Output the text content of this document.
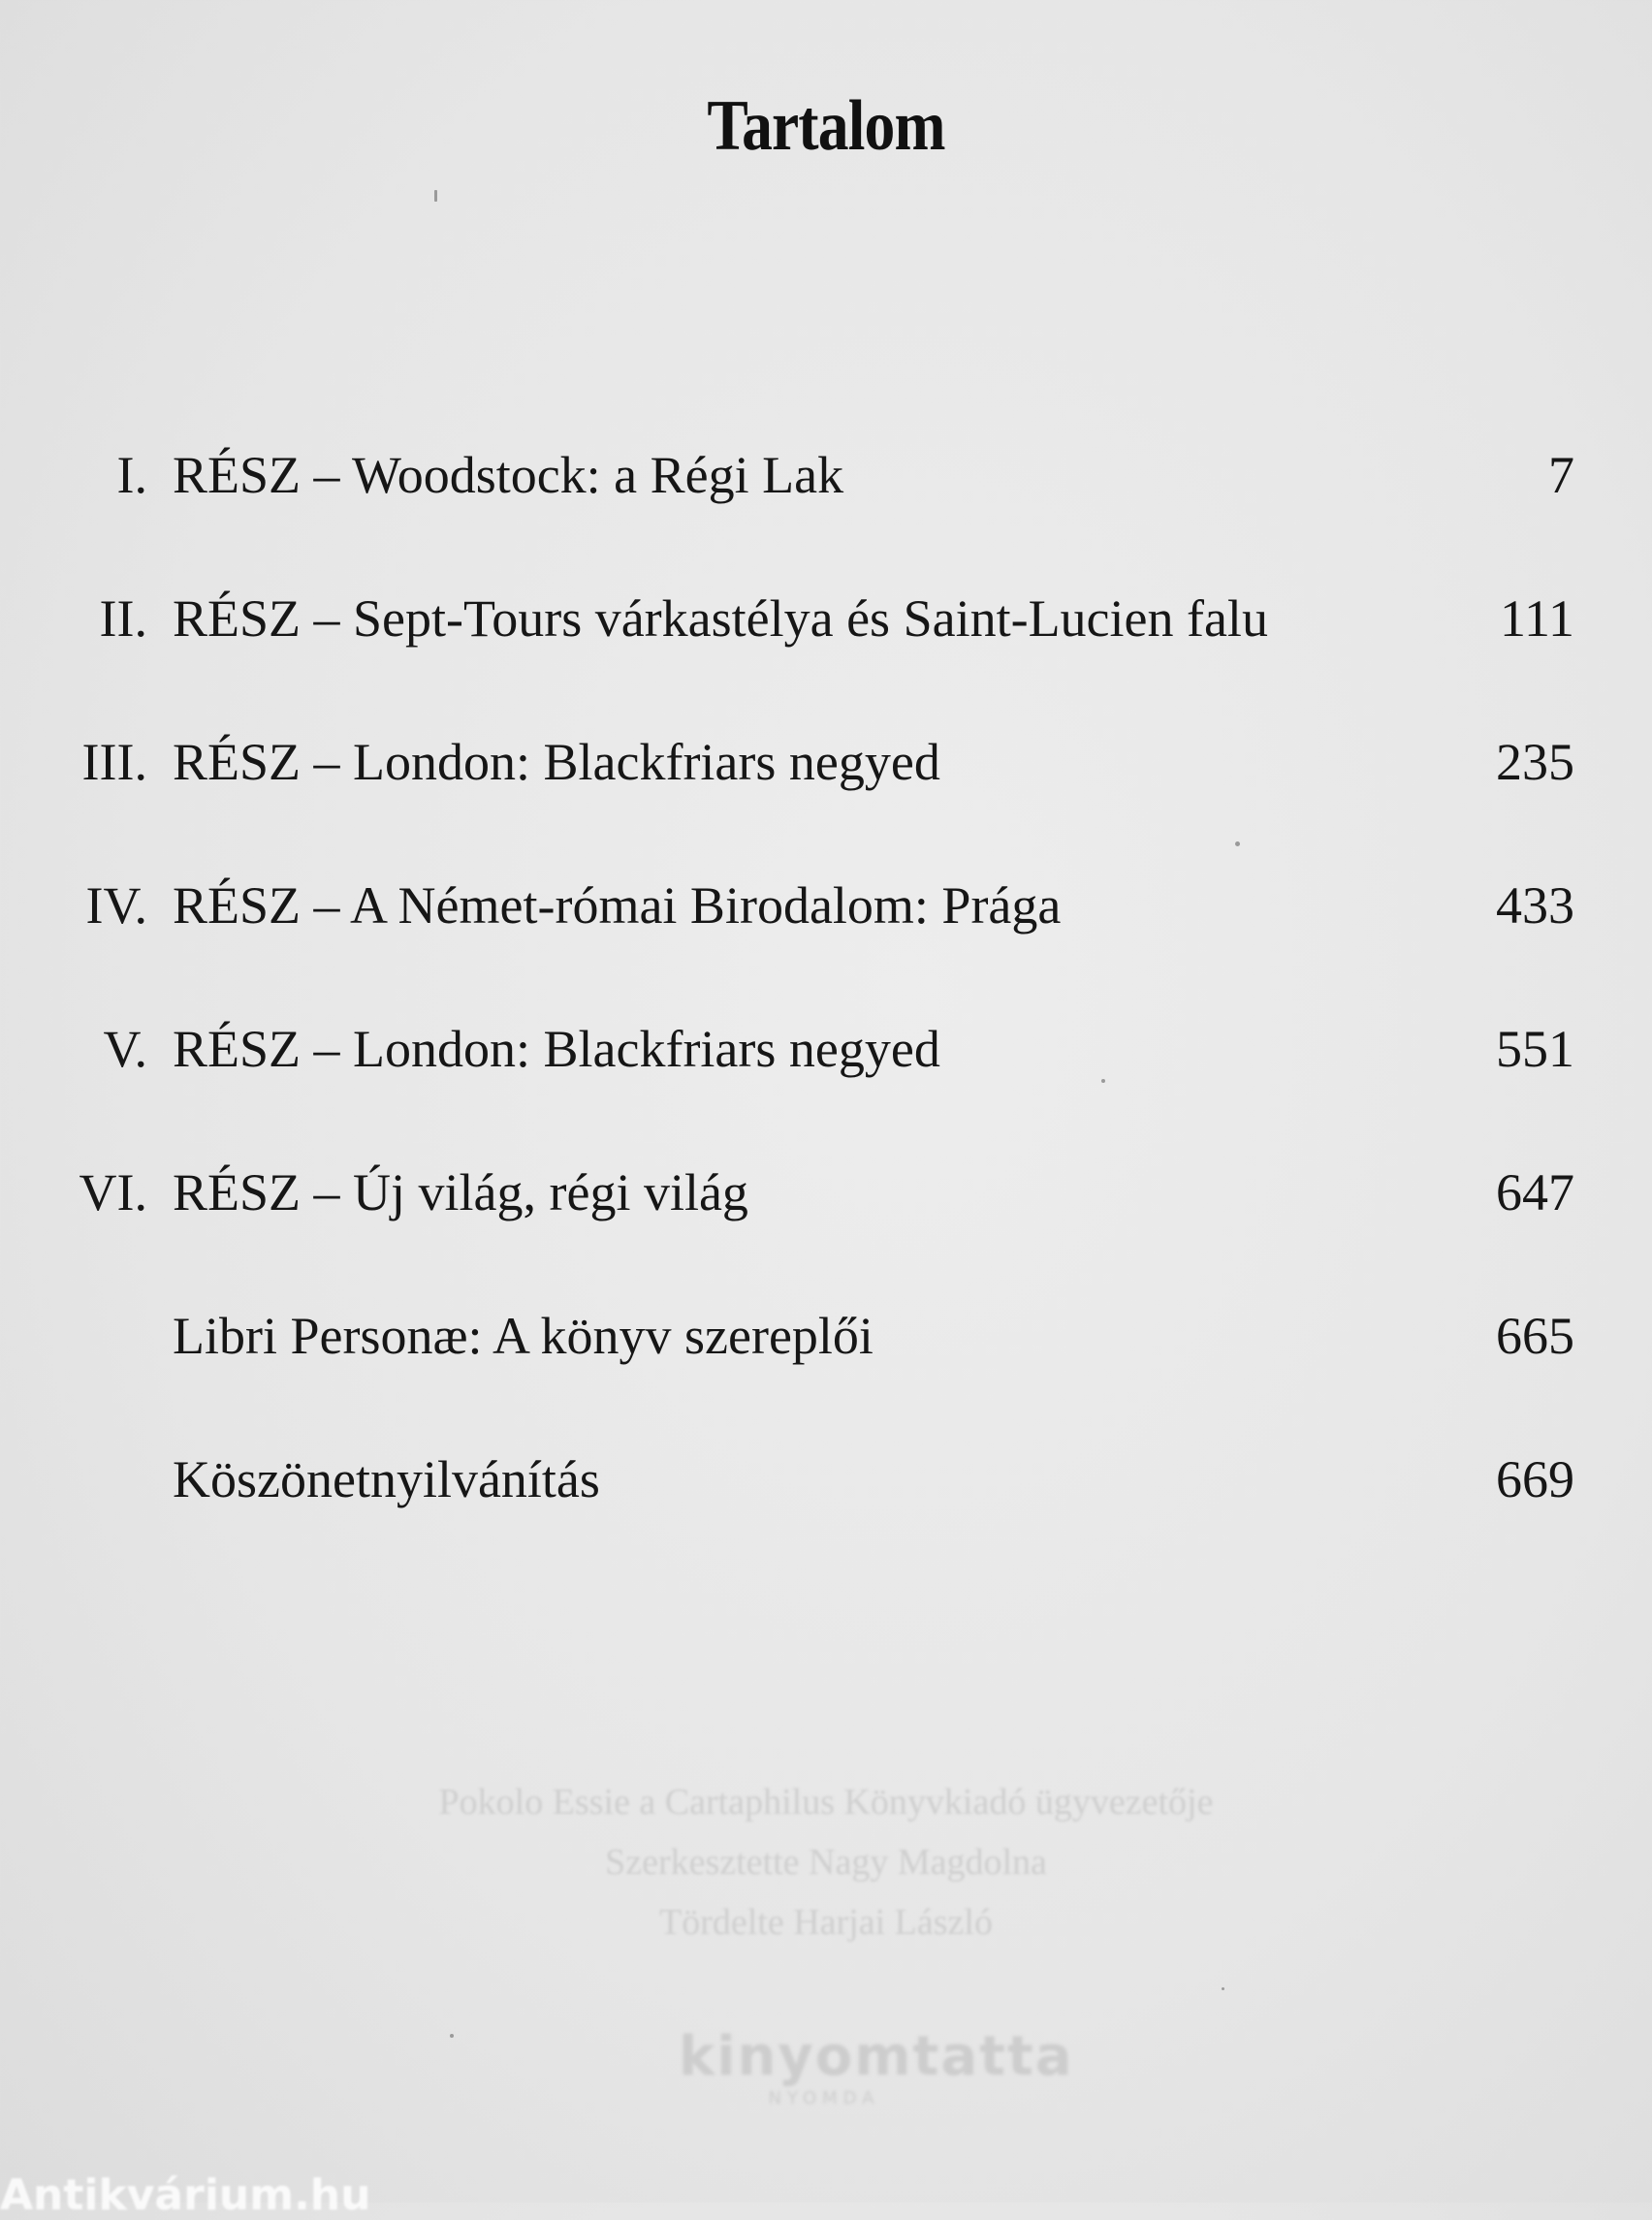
Tartalom
I. RÉSZ – Woodstock: a Régi Lak	7
II. RÉSZ – Sept-Tours várkastélya és Saint-Lucien falu	111
III. RÉSZ – London: Blackfriars negyed	235
IV. RÉSZ – A Német-római Birodalom: Prága	433
V. RÉSZ – London: Blackfriars negyed	551
VI. RÉSZ – Új világ, régi világ	647
Libri Personæ: A könyv szereplői	665
Köszönetnyilvánítás	669
Pokolo Essie a Cartaphilus Könyvkiadó ügyvezetője
Szerkesztette Nagy Magdolna
Tördelte Harjai László
kinyomtatta
NYOMDA
Antikvárium.hu
